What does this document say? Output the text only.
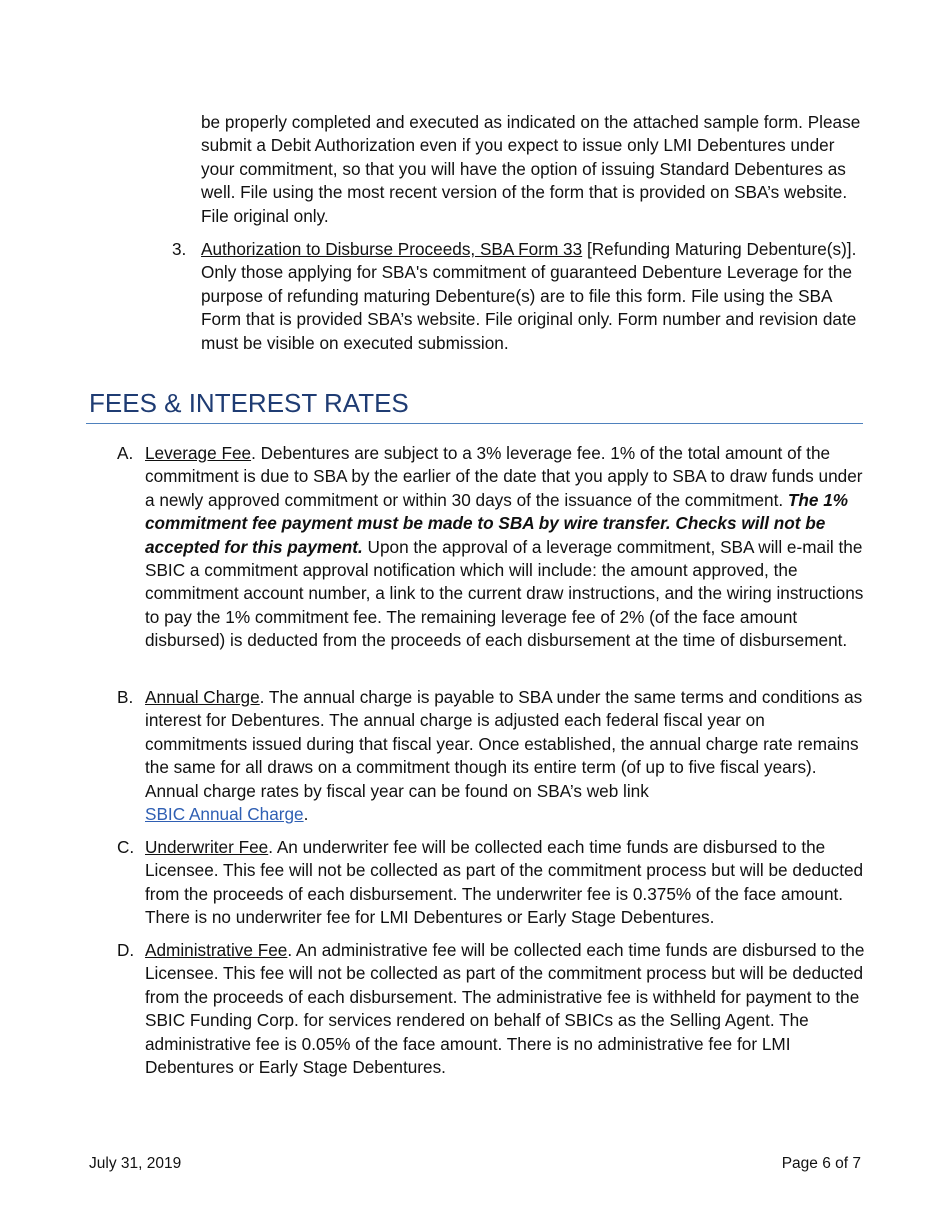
be properly completed and executed as indicated on the attached sample form. Please submit a Debit Authorization even if you expect to issue only LMI Debentures under your commitment, so that you will have the option of issuing Standard Debentures as well. File using the most recent version of the form that is provided on SBA’s website. File original only.

3. Authorization to Disburse Proceeds, SBA Form 33 [Refunding Maturing Debenture(s)]. Only those applying for SBA's commitment of guaranteed Debenture Leverage for the purpose of refunding maturing Debenture(s) are to file this form. File using the SBA Form that is provided SBA’s website. File original only. Form number and revision date must be visible on executed submission.
FEES & INTEREST RATES
A. Leverage Fee. Debentures are subject to a 3% leverage fee. 1% of the total amount of the commitment is due to SBA by the earlier of the date that you apply to SBA to draw funds under a newly approved commitment or within 30 days of the issuance of the commitment. The 1% commitment fee payment must be made to SBA by wire transfer. Checks will not be accepted for this payment. Upon the approval of a leverage commitment, SBA will e-mail the SBIC a commitment approval notification which will include: the amount approved, the commitment account number, a link to the current draw instructions, and the wiring instructions to pay the 1% commitment fee. The remaining leverage fee of 2% (of the face amount disbursed) is deducted from the proceeds of each disbursement at the time of disbursement.
B. Annual Charge. The annual charge is payable to SBA under the same terms and conditions as interest for Debentures. The annual charge is adjusted each federal fiscal year on commitments issued during that fiscal year. Once established, the annual charge rate remains the same for all draws on a commitment though its entire term (of up to five fiscal years). Annual charge rates by fiscal year can be found on SBA’s web link
SBIC Annual Charge.
C. Underwriter Fee. An underwriter fee will be collected each time funds are disbursed to the Licensee. This fee will not be collected as part of the commitment process but will be deducted from the proceeds of each disbursement. The underwriter fee is 0.375% of the face amount. There is no underwriter fee for LMI Debentures or Early Stage Debentures.
D. Administrative Fee. An administrative fee will be collected each time funds are disbursed to the Licensee. This fee will not be collected as part of the commitment process but will be deducted from the proceeds of each disbursement. The administrative fee is withheld for payment to the SBIC Funding Corp. for services rendered on behalf of SBICs as the Selling Agent. The administrative fee is 0.05% of the face amount. There is no administrative fee for LMI Debentures or Early Stage Debentures.
July 31, 2019	Page 6 of 7
